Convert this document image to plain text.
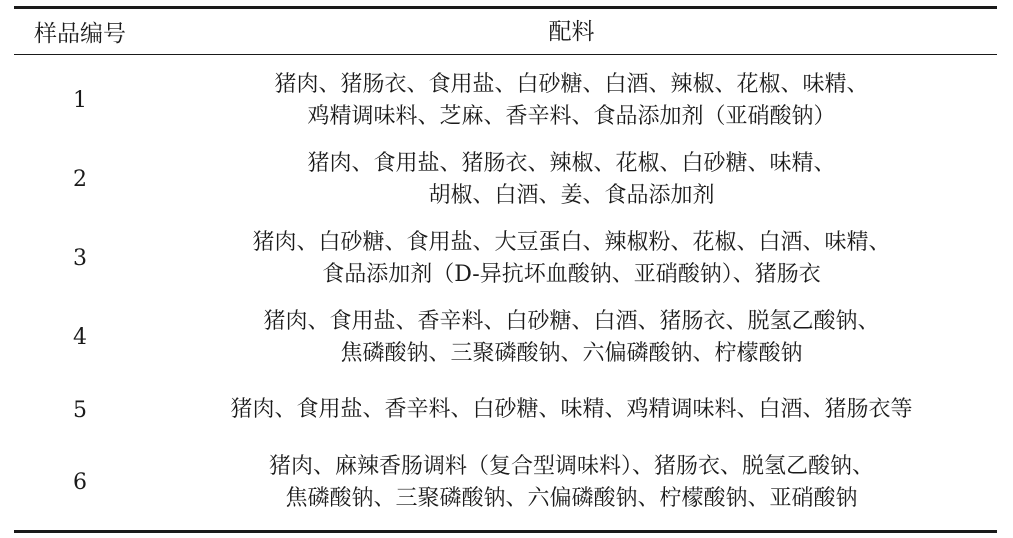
样品编号	配料
1
猪肉、猪肠衣、食用盐、白砂糖、白酒、辣椒、花椒、味精、
鸡精调味料、芝麻、香辛料、食品添加剂（亚硝酸钠）
2
猪肉、食用盐、猪肠衣、辣椒、花椒、白砂糖、味精、
胡椒、白酒、姜、食品添加剂
3
猪肉、白砂糖、食用盐、大豆蛋白、辣椒粉、花椒、白酒、味精、
食品添加剂（D-异抗坏血酸钠、亚硝酸钠）、猪肠衣
4
猪肉、食用盐、香辛料、白砂糖、白酒、猪肠衣、脱氢乙酸钠、
焦磷酸钠、三聚磷酸钠、六偏磷酸钠、柠檬酸钠
5	猪肉、食用盐、香辛料、白砂糖、味精、鸡精调味料、白酒、猪肠衣等
6
猪肉、麻辣香肠调料（复合型调味料）、猪肠衣、脱氢乙酸钠、
焦磷酸钠、三聚磷酸钠、六偏磷酸钠、柠檬酸钠、亚硝酸钠
